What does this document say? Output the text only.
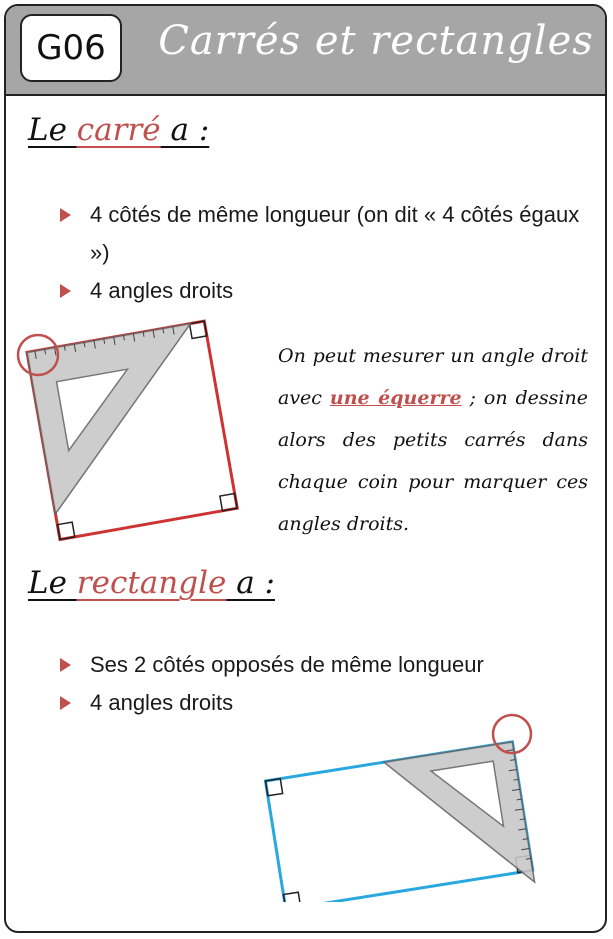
G06	Carrés et rectangles
Le carré a :
4 côtés de même longueur (on dit « 4 côtés égaux »)
4 angles droits
On peut mesurer un angle droit avec une équerre ; on dessine alors des petits carrés dans chaque coin pour marquer ces angles droits.
Le rectangle a :
Ses 2 côtés opposés de même longueur
4 angles droits
